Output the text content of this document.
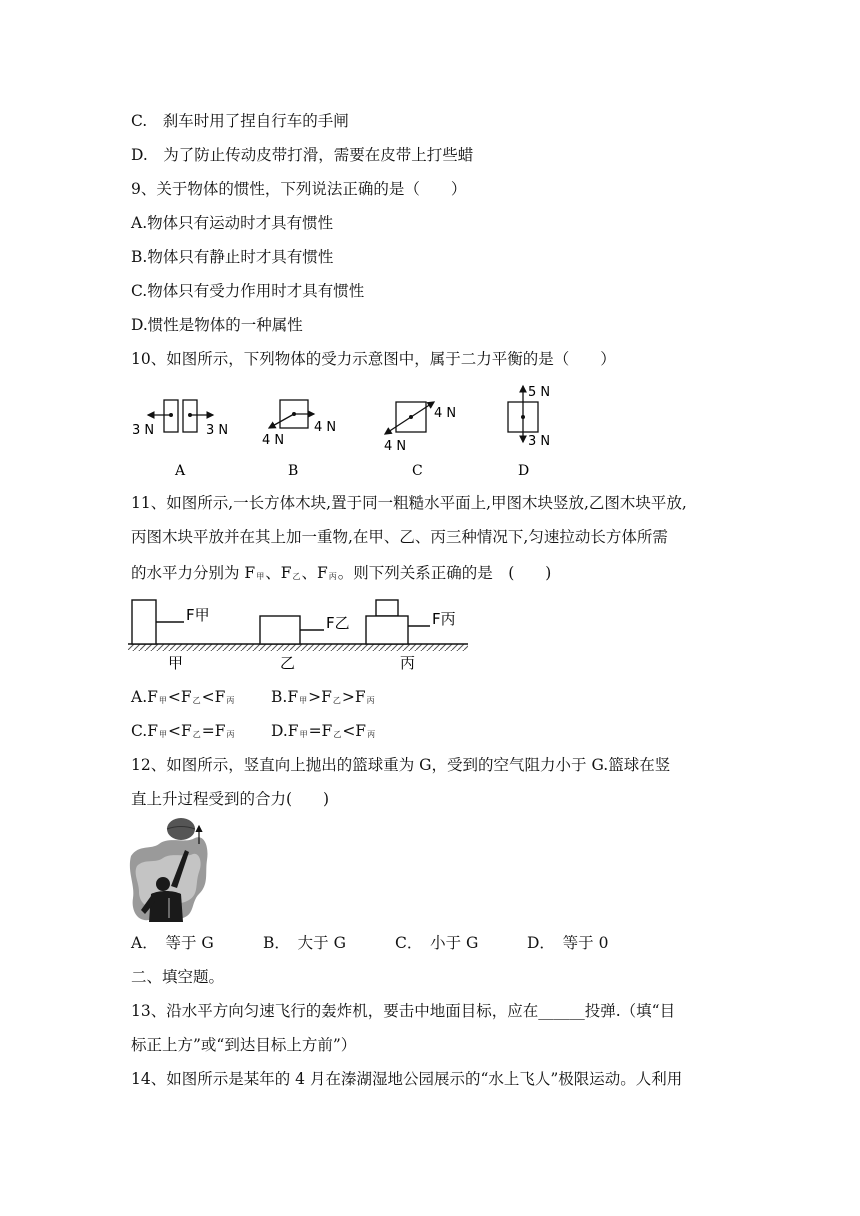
C.　刹车时用了捏自行车的手闸
D.　为了防止传动皮带打滑，需要在皮带上打些蜡
9、关于物体的惯性，下列说法正确的是（　　）
A.物体只有运动时才具有惯性
B.物体只有静止时才具有惯性
C.物体只有受力作用时才具有惯性
D.惯性是物体的一种属性
10、如图所示，下列物体的受力示意图中，属于二力平衡的是（　　）
3 N	3 N
A
4 N
4 N
B
4 N
4 N
C
5 N
3 N
D
11、如图所示,一长方体木块,置于同一粗糙水平面上,甲图木块竖放,乙图木块平放,
丙图木块平放并在其上加一重物,在甲、乙、丙三种情况下,匀速拉动长方体所需
的水平力分别为 $F_甲$、$F_乙$、$F_丙$。则下列关系正确的是　(　　)
F甲
甲
F乙
乙
F丙
丙
$A.F_甲<F_乙<F_丙$ $B.F_甲>F_乙>F_丙$
$C.F_甲<F_乙=F_丙$ $D.F_甲=F_乙<F_丙$
12、如图所示，竖直向上抛出的篮球重为 G，受到的空气阻力小于 G.篮球在竖
直上升过程受到的合力(　　)
A．　等于 G	B．　大于 G	C．　小于 G	D．　等于 0
二、填空题。
13、沿水平方向匀速飞行的轰炸机，要击中地面目标，应在______投弹.（填“目
标正上方”或“到达目标上方前”）
14、如图所示是某年的 4 月在溱湖湿地公园展示的“水上飞人”极限运动。人利用
